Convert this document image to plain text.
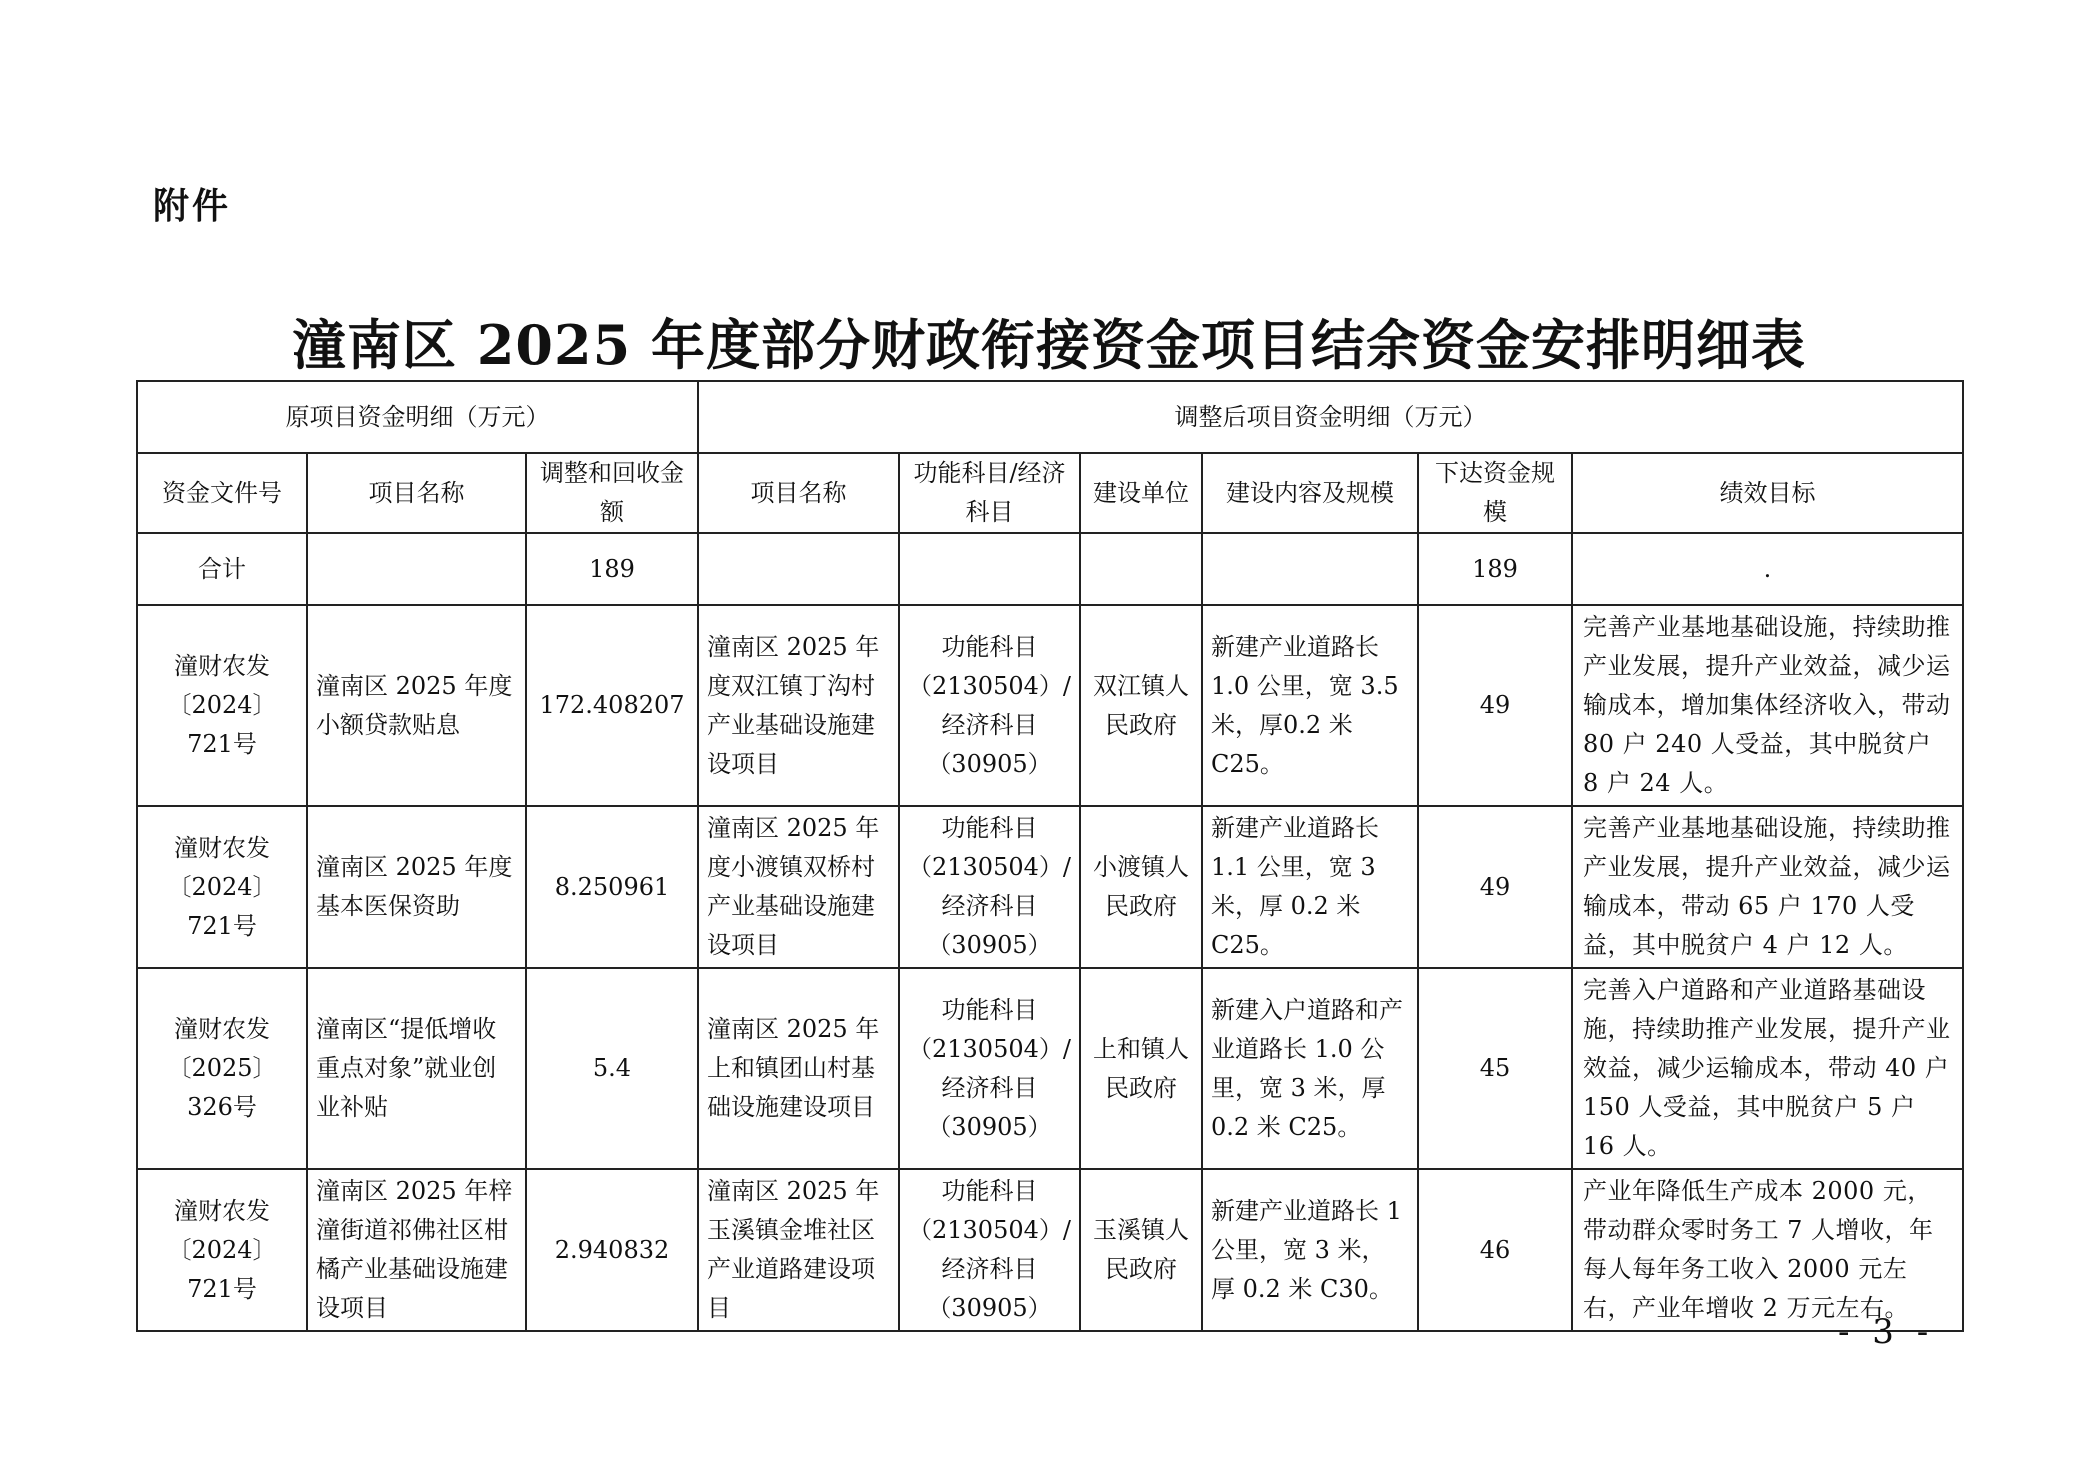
附件
潼南区 2025 年度部分财政衔接资金项目结余资金安排明细表
原项目资金明细（万元）			调整后项目资金明细（万元）					
资金文件号	项目名称	调整和回收金额	项目名称	功能科目/经济科目	建设单位	建设内容及规模	下达资金规模	绩效目标
合计		189					189	.
潼财农发〔2024〕721号	潼南区 2025 年度小额贷款贴息	172.408207	潼南区 2025 年度双江镇丁沟村产业基础设施建设项目	功能科目（2130504）/经济科目（30905）	双江镇人民政府	新建产业道路长 1.0 公里，宽 3.5 米，厚0.2 米C25。	49	完善产业基地基础设施，持续助推产业发展，提升产业效益，减少运输成本，增加集体经济收入，带动 80 户 240 人受益，其中脱贫户 8 户 24 人。
潼财农发〔2024〕721号	潼南区 2025 年度基本医保资助	8.250961	潼南区 2025 年度小渡镇双桥村产业基础设施建设项目	功能科目（2130504）/经济科目（30905）	小渡镇人民政府	新建产业道路长 1.1 公里，宽 3 米，厚 0.2 米 C25。	49	完善产业基地基础设施，持续助推产业发展，提升产业效益，减少运输成本，带动 65 户 170 人受益，其中脱贫户 4 户 12 人。
潼财农发〔2025〕326号	潼南区“提低增收重点对象”就业创业补贴	5.4	潼南区 2025 年上和镇团山村基础设施建设项目	功能科目（2130504）/经济科目（30905）	上和镇人民政府	新建入户道路和产业道路长 1.0 公里，宽 3 米，厚 0.2 米 C25。	45	完善入户道路和产业道路基础设施，持续助推产业发展，提升产业效益，减少运输成本，带动 40 户 150 人受益，其中脱贫户 5 户 16 人。
潼财农发〔2024〕721号	潼南区 2025 年梓潼街道祁佛社区柑橘产业基础设施建设项目	2.940832	潼南区 2025 年玉溪镇金堆社区产业道路建设项目	功能科目（2130504）/经济科目（30905）	玉溪镇人民政府	新建产业道路长 1 公里，宽 3 米，厚 0.2 米 C30。	46	产业年降低生产成本 2000 元，带动群众零时务工 7 人增收，年每人每年务工收入 2000 元左右，产业年增收 2 万元左右。
- 3 -
